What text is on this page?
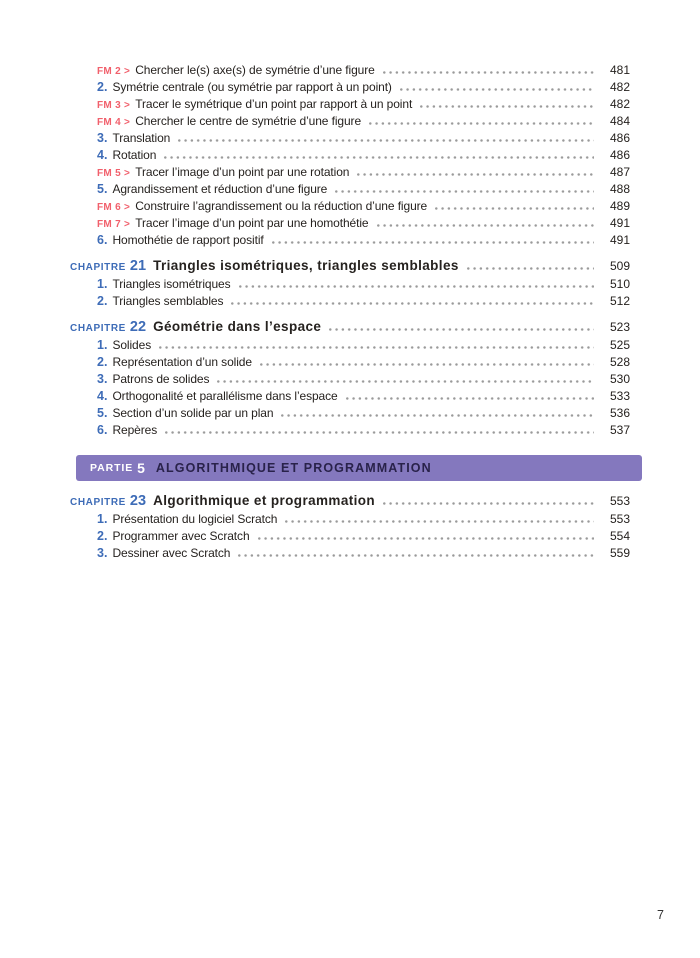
FM 2 > Chercher le(s) axe(s) de symétrie d’une figure	481
2. Symétrie centrale (ou symétrie par rapport à un point)	482
FM 3 > Tracer le symétrique d’un point par rapport à un point	482
FM 4 > Chercher le centre de symétrie d’une figure	484
3. Translation	486
4. Rotation	486
FM 5 > Tracer l’image d’un point par une rotation	487
5. Agrandissement et réduction d’une figure	488
FM 6 > Construire l’agrandissement ou la réduction d’une figure	489
FM 7 > Tracer l’image d’un point par une homothétie	491
6. Homothétie de rapport positif	491
CHAPITRE 21 Triangles isométriques, triangles semblables	509
1. Triangles isométriques	510
2. Triangles semblables	512
CHAPITRE 22 Géométrie dans l’espace	523
1. Solides	525
2. Représentation d’un solide	528
3. Patrons de solides	530
4. Orthogonalité et parallélisme dans l’espace	533
5. Section d’un solide par un plan	536
6. Repères	537
PARTIE 5 ALGORITHMIQUE ET PROGRAMMATION
CHAPITRE 23 Algorithmique et programmation	553
1. Présentation du logiciel Scratch	553
2. Programmer avec Scratch	554
3. Dessiner avec Scratch	559
7
